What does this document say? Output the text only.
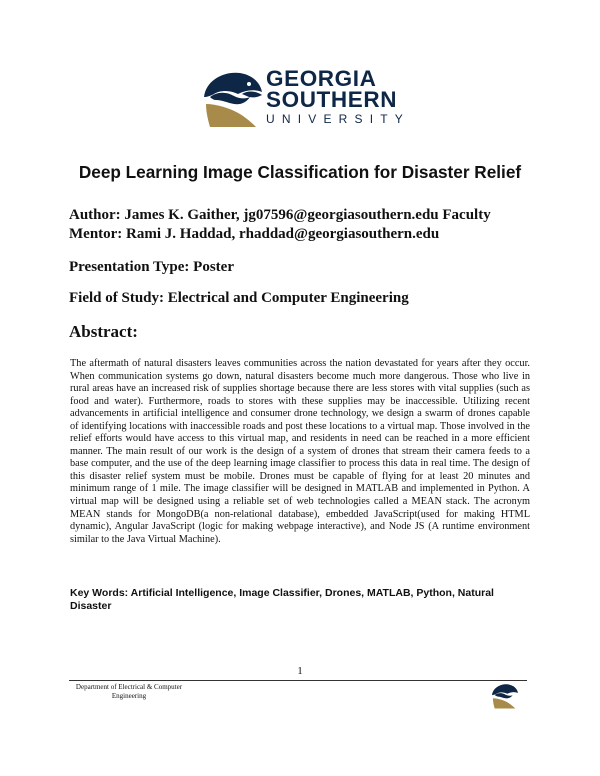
GEORGIA
SOUTHERN
UNIVERSITY
Deep Learning Image Classification for Disaster Relief
Author: James K. Gaither, jg07596@georgiasouthern.edu Faculty
Mentor: Rami J. Haddad, rhaddad@georgiasouthern.edu
Presentation Type: Poster
Field of Study: Electrical and Computer Engineering
Abstract:
The aftermath of natural disasters leaves communities across the nation devastated for years after they occur. When communication systems go down, natural disasters become much more dangerous. Those who live in rural areas have an increased risk of supplies shortage because there are less stores with vital supplies (such as food and water). Furthermore, roads to stores with these supplies may be inaccessible. Utilizing recent advancements in artificial intelligence and consumer drone technology, we design a swarm of drones capable of identifying locations with inaccessible roads and post these locations to a virtual map. Those involved in the relief efforts would have access to this virtual map, and residents in need can be reached in a more efficient manner. The main result of our work is the design of a system of drones that stream their camera feeds to a base computer, and the use of the deep learning image classifier to process this data in real time. The design of this disaster relief system must be mobile. Drones must be capable of flying for at least 20 minutes and minimum range of 1 mile. The image classifier will be designed in MATLAB and implemented in Python. A virtual map will be designed using a reliable set of web technologies called a MEAN stack. The acronym MEAN stands for MongoDB(a non-relational database), embedded JavaScript(used for making HTML dynamic), Angular JavaScript (logic for making webpage interactive), and Node JS (A runtime environment similar to the Java Virtual Machine).
Key Words: Artificial Intelligence, Image Classifier, Drones, MATLAB, Python, Natural Disaster
1
Department of Electrical & Computer
Engineering
